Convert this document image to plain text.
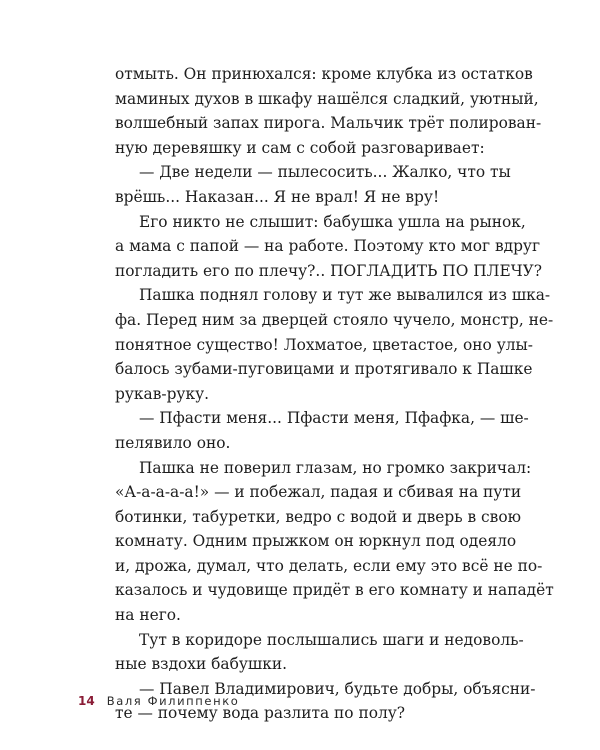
отмыть. Он принюхался: кроме клубка из остатков
маминых духов в шкафу нашёлся сладкий, уютный,
волшебный запах пирога. Мальчик трёт полирован-
ную деревяшку и сам с собой разговаривает:
— Две недели — пылесосить... Жалко, что ты
врёшь... Наказан... Я не врал! Я не вру!
Его никто не слышит: бабушка ушла на рынок,
а мама с папой — на работе. Поэтому кто мог вдруг
погладить его по плечу?.. ПОГЛАДИТЬ ПО ПЛЕЧУ?
Пашка поднял голову и тут же вывалился из шка-
фа. Перед ним за дверцей стояло чучело, монстр, не-
понятное существо! Лохматое, цветастое, оно улы-
балось зубами-пуговицами и протягивало к Пашке
рукав-руку.
— Пфасти меня... Пфасти меня, Пфафка, — ше-
пелявило оно.
Пашка не поверил глазам, но громко закричал:
«А-а-а-а-а!» — и побежал, падая и сбивая на пути
ботинки, табуретки, ведро с водой и дверь в свою
комнату. Одним прыжком он юркнул под одеяло
и, дрожа, думал, что делать, если ему это всё не по-
казалось и чудовище придёт в его комнату и нападёт
на него.
Тут в коридоре послышались шаги и недоволь-
ные вздохи бабушки.
— Павел Владимирович, будьте добры, объясни-
те — почему вода разлита по полу?
14 Валя Филиппенко
